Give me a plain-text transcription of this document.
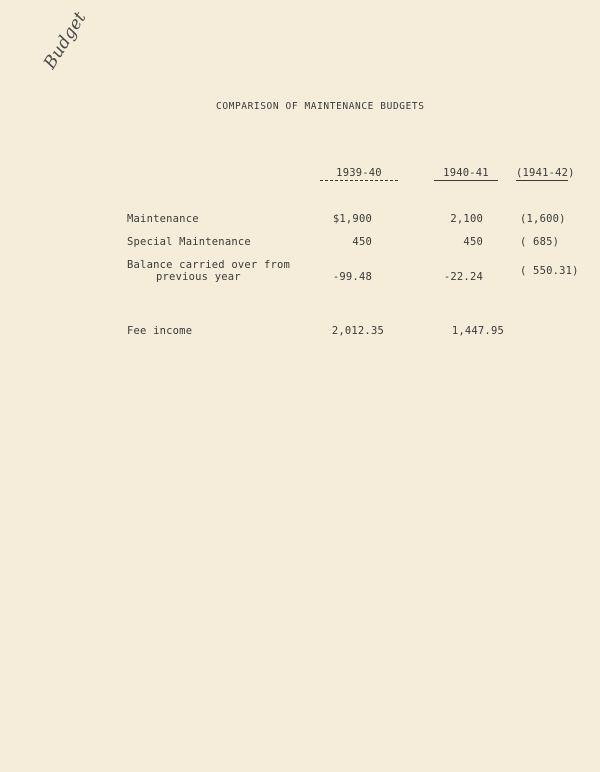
Budget
COMPARISON OF MAINTENANCE BUDGETS
1939-40	1940-41	(1941-42)
Maintenance	$1,900	2,100	(1,600)
Special Maintenance	450	450	( 685)
Balance carried over from
previous year	-99.48	-22.24	( 550.31)
Fee income	2,012.35	1,447.95
